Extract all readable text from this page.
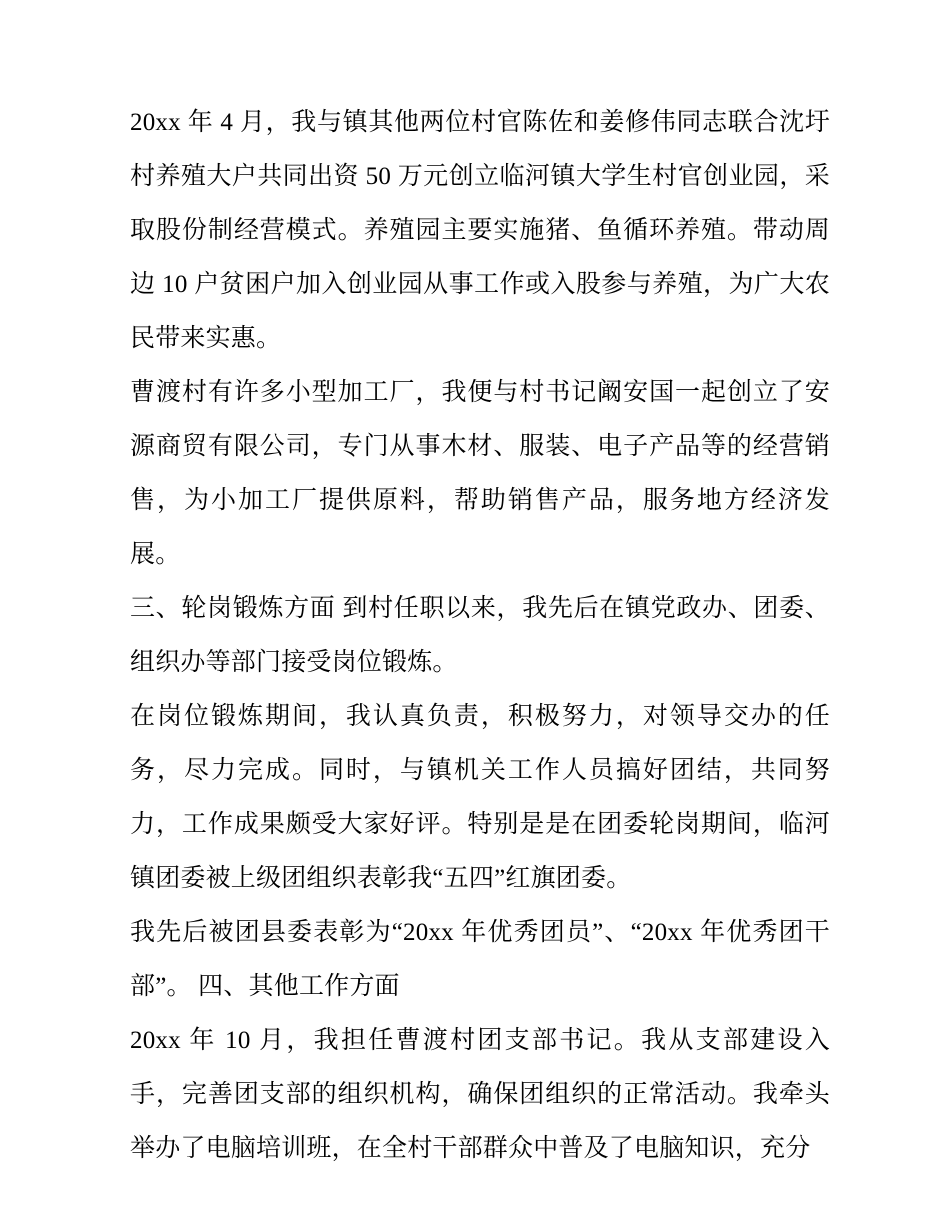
20xx 年 4 月，我与镇其他两位村官陈佐和姜修伟同志联合沈圩村养殖大户共同出资 50 万元创立临河镇大学生村官创业园，采取股份制经营模式。养殖园主要实施猪、鱼循环养殖。带动周边 10 户贫困户加入创业园从事工作或入股参与养殖，为广大农民带来实惠。

曹渡村有许多小型加工厂，我便与村书记阚安国一起创立了安源商贸有限公司，专门从事木材、服装、电子产品等的经营销售，为小加工厂提供原料，帮助销售产品，服务地方经济发展。

三、轮岗锻炼方面 到村任职以来，我先后在镇党政办、团委、组织办等部门接受岗位锻炼。

在岗位锻炼期间，我认真负责，积极努力，对领导交办的任务，尽力完成。同时，与镇机关工作人员搞好团结，共同努力，工作成果颇受大家好评。特别是是在团委轮岗期间，临河镇团委被上级团组织表彰我“五四”红旗团委。

我先后被团县委表彰为“20xx 年优秀团员”、“20xx 年优秀团干部”。 四、其他工作方面

20xx 年 10 月，我担任曹渡村团支部书记。我从支部建设入手，完善团支部的组织机构，确保团组织的正常活动。我牵头举办了电脑培训班，在全村干部群众中普及了电脑知识，充分
